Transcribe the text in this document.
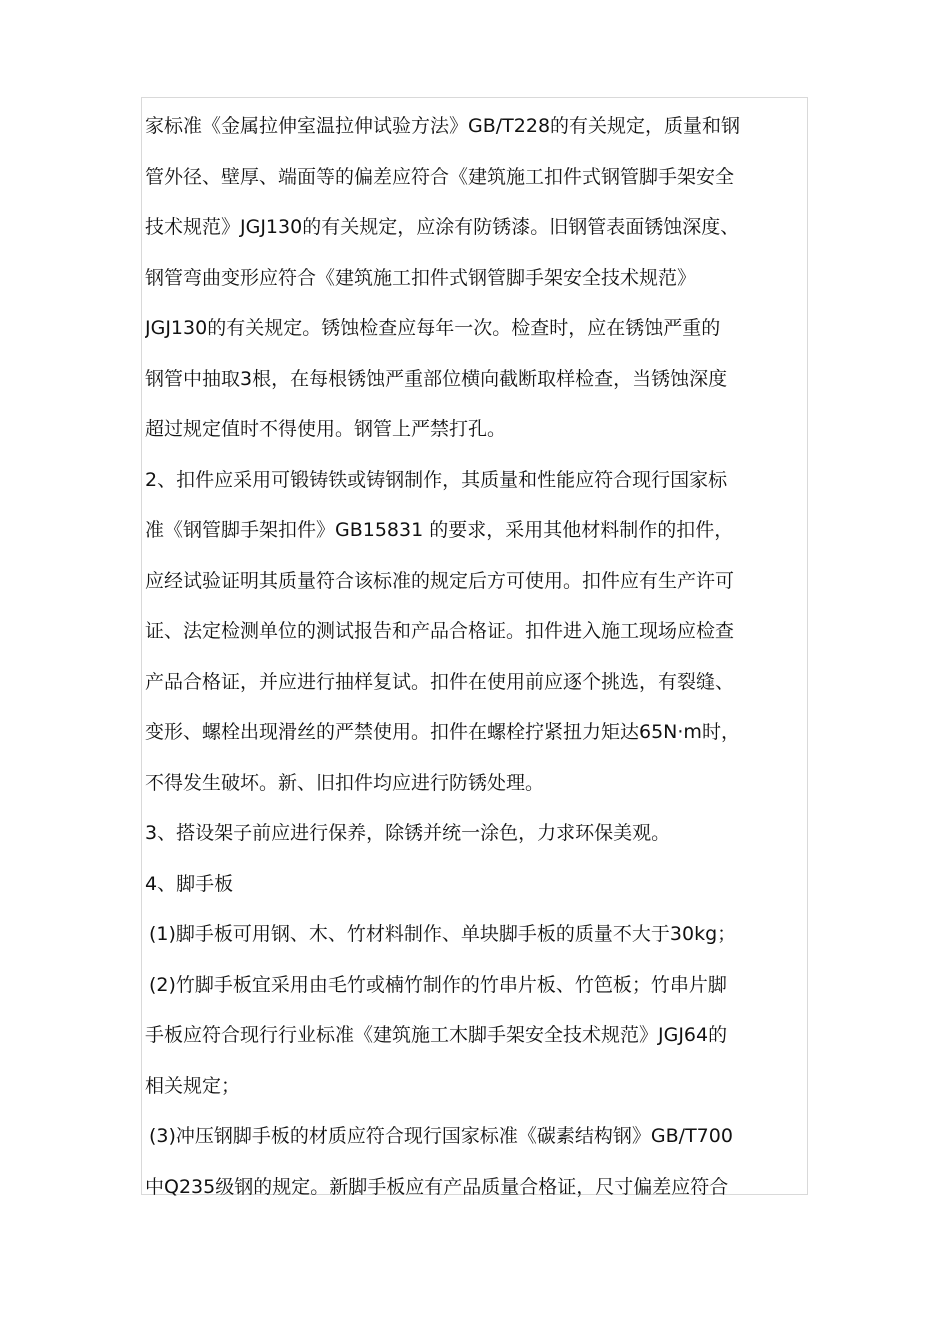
家标准《金属拉伸室温拉伸试验方法》GB/T228的有关规定，质量和钢
管外径、壁厚、端面等的偏差应符合《建筑施工扣件式钢管脚手架安全
技术规范》JGJ130的有关规定，应涂有防锈漆。旧钢管表面锈蚀深度、
钢管弯曲变形应符合《建筑施工扣件式钢管脚手架安全技术规范》
JGJ130的有关规定。锈蚀检查应每年一次。检查时，应在锈蚀严重的
钢管中抽取3根，在每根锈蚀严重部位横向截断取样检查，当锈蚀深度
超过规定值时不得使用。钢管上严禁打孔。
2、扣件应采用可锻铸铁或铸钢制作，其质量和性能应符合现行国家标
准《钢管脚手架扣件》GB15831 的要求，采用其他材料制作的扣件，
应经试验证明其质量符合该标准的规定后方可使用。扣件应有生产许可
证、法定检测单位的测试报告和产品合格证。扣件进入施工现场应检查
产品合格证，并应进行抽样复试。扣件在使用前应逐个挑选，有裂缝、
变形、螺栓出现滑丝的严禁使用。扣件在螺栓拧紧扭力矩达65N·m时，
不得发生破坏。新、旧扣件均应进行防锈处理。
3、搭设架子前应进行保养，除锈并统一涂色，力求环保美观。
4、脚手板
(1)脚手板可用钢、木、竹材料制作、单块脚手板的质量不大于30kg；
(2)竹脚手板宜采用由毛竹或楠竹制作的竹串片板、竹笆板；竹串片脚
手板应符合现行行业标准《建筑施工木脚手架安全技术规范》JGJ64的
相关规定；
(3)冲压钢脚手板的材质应符合现行国家标准《碳素结构钢》GB/T700
中Q235级钢的规定。新脚手板应有产品质量合格证，尺寸偏差应符合
